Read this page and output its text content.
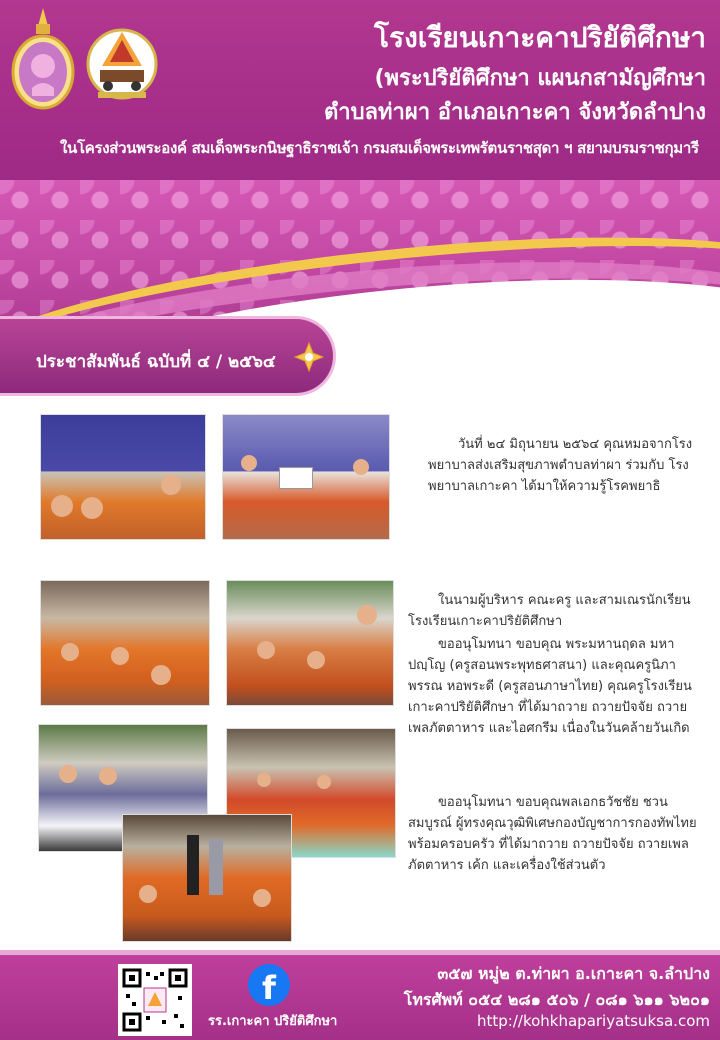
โรงเรียนเกาะคาปริยัติศึกษา
(พระปริยัติศึกษา แผนกสามัญศึกษา
ตำบลท่าผา อำเภอเกาะคา จังหวัดลำปาง
ในโครงส่วนพระองค์ สมเด็จพระกนิษฐาธิราชเจ้า กรมสมเด็จพระเทพรัตนราชสุดา ฯ สยามบรมราชกุมารี
ประชาสัมพันธ์ ฉบับที่ ๔ / ๒๕๖๔
วันที่ ๒๔ มิถุนายน ๒๕๖๔ คุณหมอจากโรงพยาบาลส่งเสริมสุขภาพตำบลท่าผา ร่วมกับ โรงพยาบาลเกาะคา ได้มาให้ความรู้โรคพยาธิ
ในนามผู้บริหาร คณะครู และสามเณรนักเรียน โรงเรียนเกาะคาปริยัติศึกษา
ขออนุโมทนา ขอบคุณ พระมหานฤดล มหาปญฺโญ (ครูสอนพระพุทธศาสนา) และคุณครูนิภาพรรณ หอพระดี (ครูสอนภาษาไทย) คุณครูโรงเรียนเกาะคาปริยัติศึกษา ที่ได้มาถวาย ถวายปัจจัย ถวายเพลภัตตาหาร และไอศกรีม เนื่องในวันคล้ายวันเกิด
ขออนุโมทนา ขอบคุณพลเอกธวัชชัย ชวนสมบูรณ์ ผู้ทรงคุณวุฒิพิเศษกองบัญชาการกองทัพไทย พร้อมครอบครัว ที่ได้มาถวาย ถวายปัจจัย ถวายเพลภัตตาหาร เค้ก และเครื่องใช้ส่วนตัว
f
รร.เกาะคา ปริยัติศึกษา
๓๕๗ หมู่๒ ต.ท่าผา อ.เกาะคา จ.ลำปาง
โทรศัพท์ ๐๕๔ ๒๘๑ ๕๐๖ / ๐๘๑ ๖๑๑ ๖๒๐๑
http://kohkhapariyatsuksa.com
